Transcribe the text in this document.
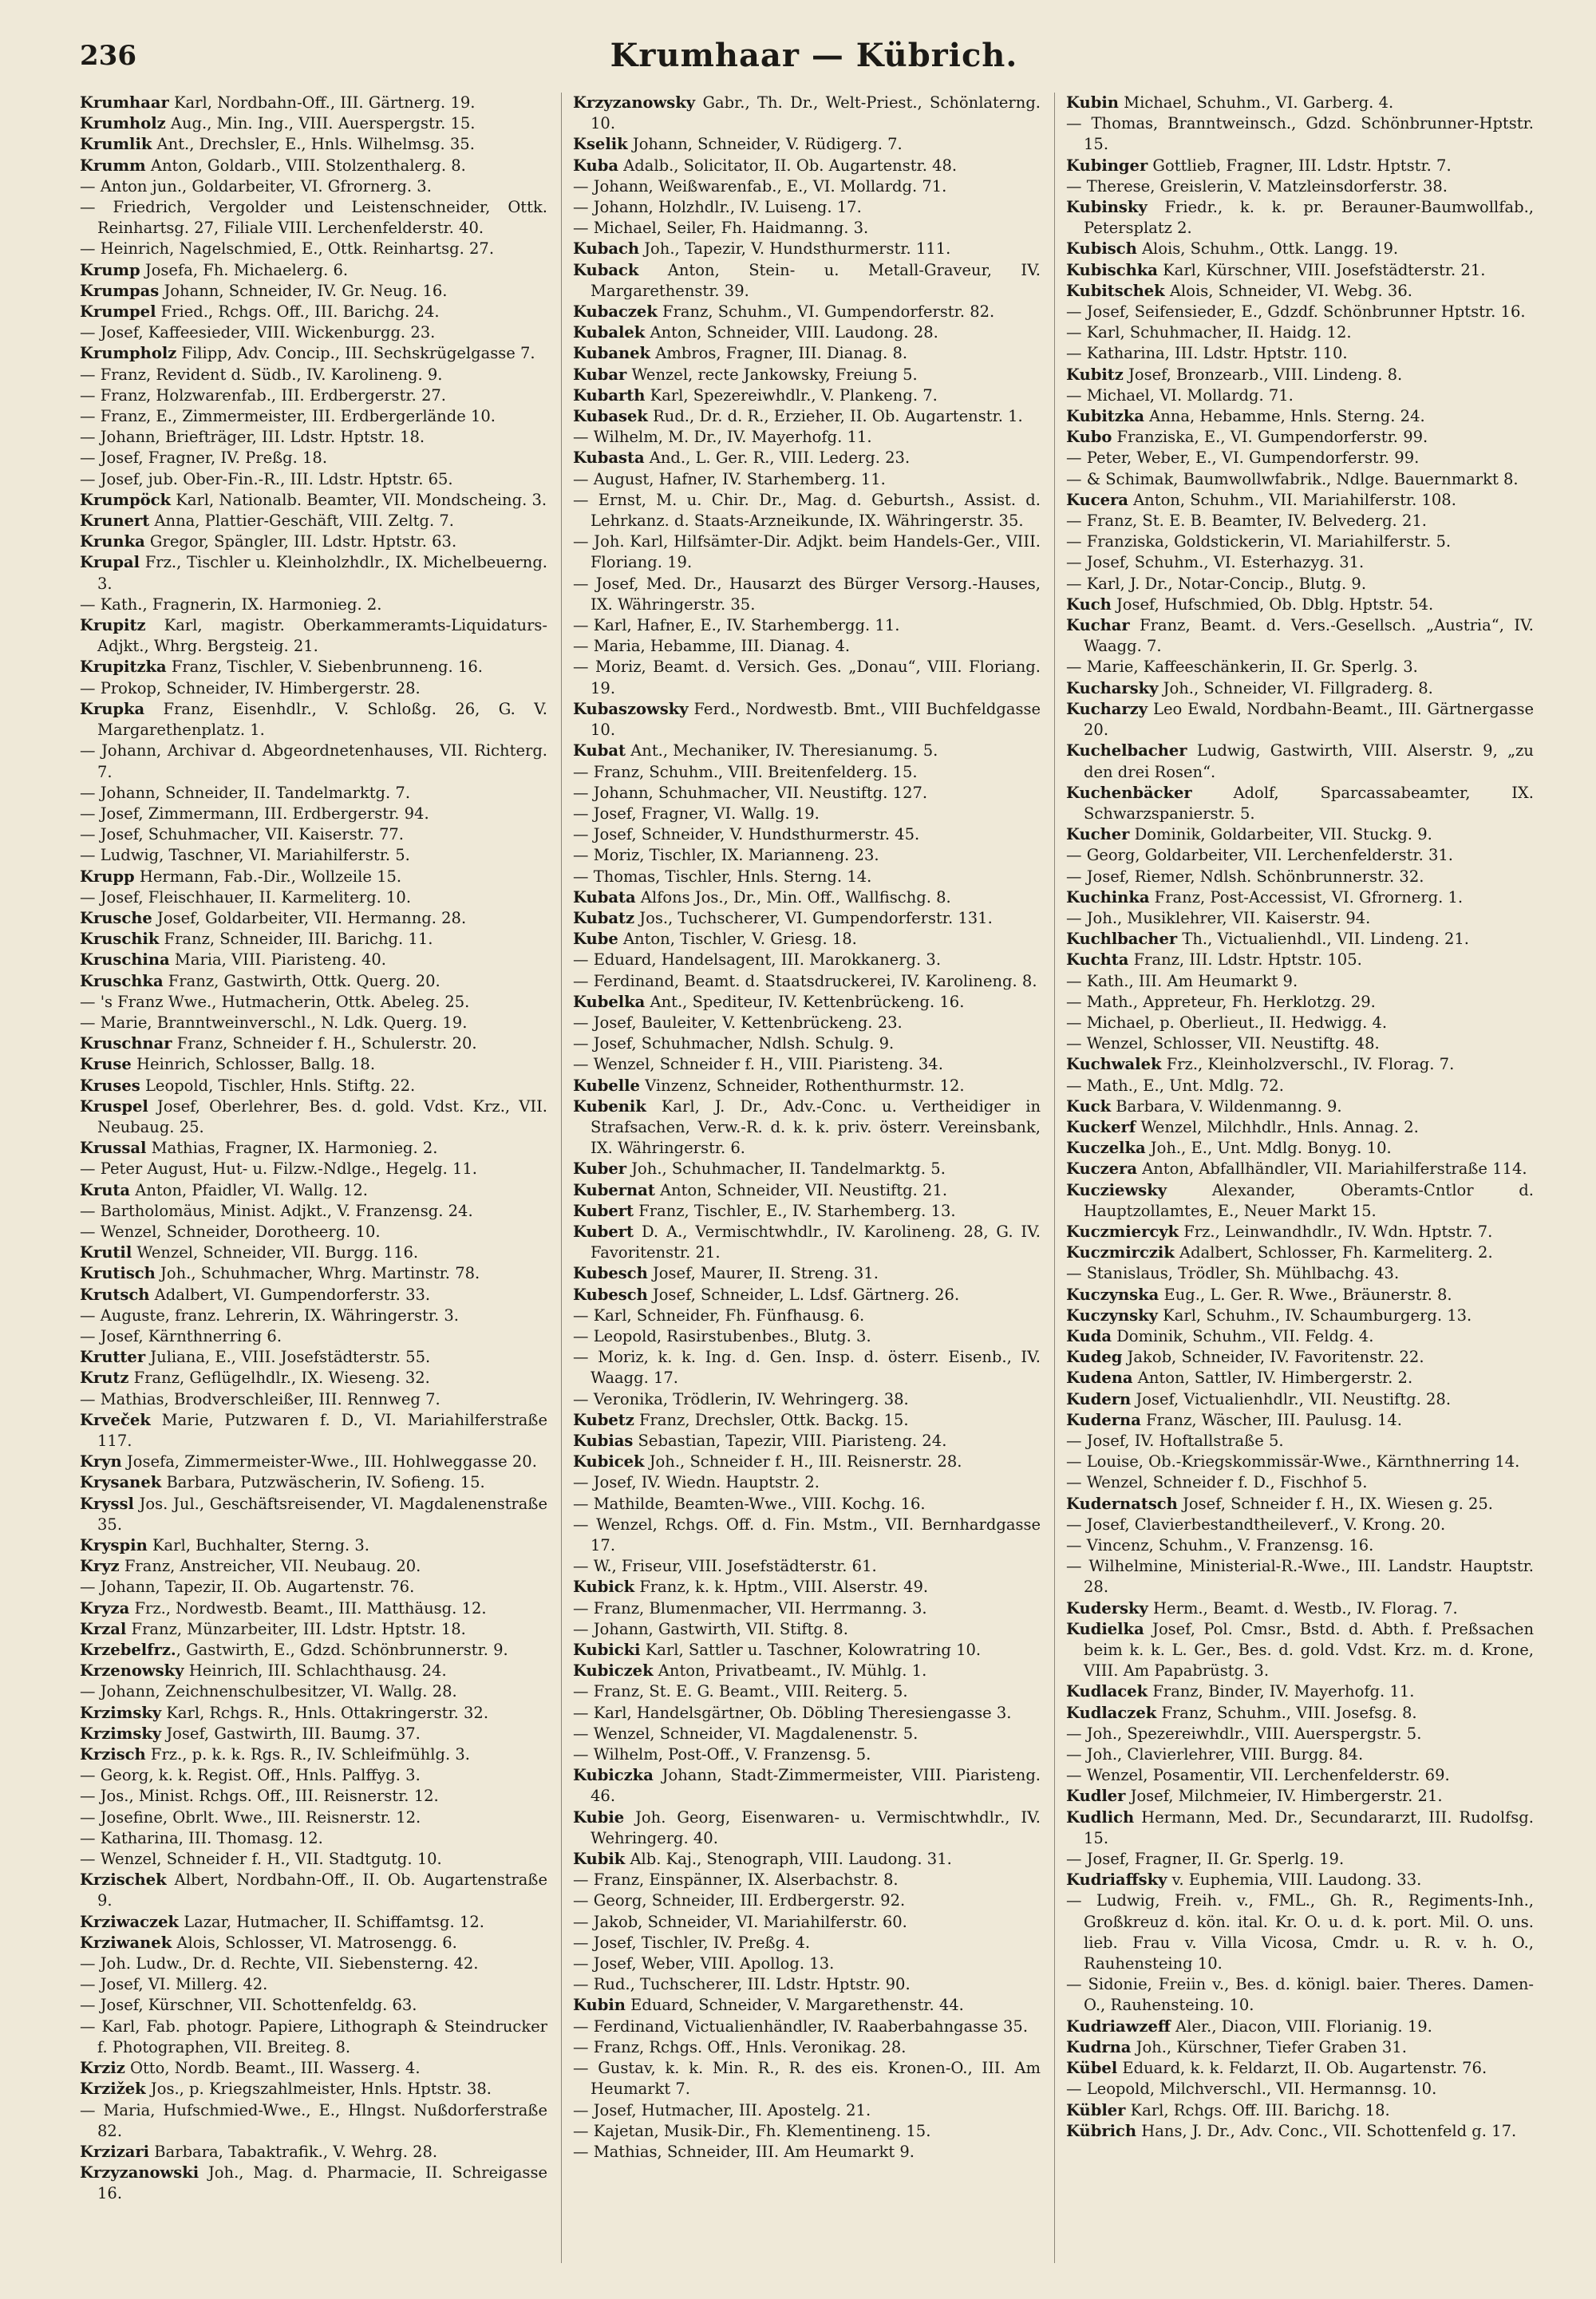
236	Krumhaar — Kübrich.
Krumhaar Karl, Nordbahn-Off., III. Gärtnerg. 19.
Krumholz Aug., Min. Ing., VIII. Auerspergstr. 15.
Krumlik Ant., Drechsler, E., Hnls. Wilhelmsg. 35.
Krumm Anton, Goldarb., VIII. Stolzenthalerg. 8.
— Anton jun., Goldarbeiter, VI. Gfrornerg. 3.
— Friedrich, Vergolder und Leistenschneider, Ottk. Reinhartsg. 27, Filiale VIII. Lerchenfelderstr. 40.
— Heinrich, Nagelschmied, E., Ottk. Reinhartsg. 27.
Krump Josefa, Fh. Michaelerg. 6.
Krumpas Johann, Schneider, IV. Gr. Neug. 16.
Krumpel Fried., Rchgs. Off., III. Barichg. 24.
— Josef, Kaffeesieder, VIII. Wickenburgg. 23.
Krumpholz Filipp, Adv. Concip., III. Sechskrügelgasse 7.
— Franz, Revident d. Südb., IV. Karolineng. 9.
— Franz, Holzwarenfab., III. Erdbergerstr. 27.
— Franz, E., Zimmermeister, III. Erdbergerlände 10.
— Johann, Briefträger, III. Ldstr. Hptstr. 18.
— Josef, Fragner, IV. Preßg. 18.
— Josef, jub. Ober-Fin.-R., III. Ldstr. Hptstr. 65.
Krumpöck Karl, Nationalb. Beamter, VII. Mondscheing. 3.
Krunert Anna, Plattier-Geschäft, VIII. Zeltg. 7.
Krunka Gregor, Spängler, III. Ldstr. Hptstr. 63.
Krupal Frz., Tischler u. Kleinholzhdlr., IX. Michelbeuerng. 3.
— Kath., Fragnerin, IX. Harmonieg. 2.
Krupitz Karl, magistr. Oberkammeramts-Liquidaturs-Adjkt., Whrg. Bergsteig. 21.
Krupitzka Franz, Tischler, V. Siebenbrunneng. 16.
— Prokop, Schneider, IV. Himbergerstr. 28.
Krupka Franz, Eisenhdlr., V. Schloßg. 26, G. V. Margarethenplatz. 1.
— Johann, Archivar d. Abgeordnetenhauses, VII. Richterg. 7.
— Johann, Schneider, II. Tandelmarktg. 7.
— Josef, Zimmermann, III. Erdbergerstr. 94.
— Josef, Schuhmacher, VII. Kaiserstr. 77.
— Ludwig, Taschner, VI. Mariahilferstr. 5.
Krupp Hermann, Fab.-Dir., Wollzeile 15.
— Josef, Fleischhauer, II. Karmeliterg. 10.
Krusche Josef, Goldarbeiter, VII. Hermanng. 28.
Kruschik Franz, Schneider, III. Barichg. 11.
Kruschina Maria, VIII. Piaristeng. 40.
Kruschka Franz, Gastwirth, Ottk. Querg. 20.
— 's Franz Wwe., Hutmacherin, Ottk. Abeleg. 25.
— Marie, Branntweinverschl., N. Ldk. Querg. 19.
Kruschnar Franz, Schneider f. H., Schulerstr. 20.
Kruse Heinrich, Schlosser, Ballg. 18.
Kruses Leopold, Tischler, Hnls. Stiftg. 22.
Kruspel Josef, Oberlehrer, Bes. d. gold. Vdst. Krz., VII. Neubaug. 25.
Krussal Mathias, Fragner, IX. Harmonieg. 2.
— Peter August, Hut- u. Filzw.-Ndlge., Hegelg. 11.
Kruta Anton, Pfaidler, VI. Wallg. 12.
— Bartholomäus, Minist. Adjkt., V. Franzensg. 24.
— Wenzel, Schneider, Dorotheerg. 10.
Krutil Wenzel, Schneider, VII. Burgg. 116.
Krutisch Joh., Schuhmacher, Whrg. Martinstr. 78.
Krutsch Adalbert, VI. Gumpendorferstr. 33.
— Auguste, franz. Lehrerin, IX. Währingerstr. 3.
— Josef, Kärnthnerring 6.
Krutter Juliana, E., VIII. Josefstädterstr. 55.
Krutz Franz, Geflügelhdlr., IX. Wieseng. 32.
— Mathias, Brodverschleißer, III. Rennweg 7.
Krveček Marie, Putzwaren f. D., VI. Mariahilferstraße 117.
Kryn Josefa, Zimmermeister-Wwe., III. Hohlweggasse 20.
Krysanek Barbara, Putzwäscherin, IV. Sofieng. 15.
Kryssl Jos. Jul., Geschäftsreisender, VI. Magdalenenstraße 35.
Kryspin Karl, Buchhalter, Sterng. 3.
Kryz Franz, Anstreicher, VII. Neubaug. 20.
— Johann, Tapezir, II. Ob. Augartenstr. 76.
Kryza Frz., Nordwestb. Beamt., III. Matthäusg. 12.
Krzal Franz, Münzarbeiter, III. Ldstr. Hptstr. 18.
Krzebelfrz., Gastwirth, E., Gdzd. Schönbrunnerstr. 9.
Krzenowsky Heinrich, III. Schlachthausg. 24.
— Johann, Zeichnenschulbesitzer, VI. Wallg. 28.
Krzimsky Karl, Rchgs. R., Hnls. Ottakringerstr. 32.
Krzimsky Josef, Gastwirth, III. Baumg. 37.
Krzisch Frz., p. k. k. Rgs. R., IV. Schleifmühlg. 3.
— Georg, k. k. Regist. Off., Hnls. Palffyg. 3.
— Jos., Minist. Rchgs. Off., III. Reisnerstr. 12.
— Josefine, Obrlt. Wwe., III. Reisnerstr. 12.
— Katharina, III. Thomasg. 12.
— Wenzel, Schneider f. H., VII. Stadtgutg. 10.
Krzischek Albert, Nordbahn-Off., II. Ob. Augartenstraße 9.
Krziwaczek Lazar, Hutmacher, II. Schiffamtsg. 12.
Krziwanek Alois, Schlosser, VI. Matrosengg. 6.
— Joh. Ludw., Dr. d. Rechte, VII. Siebensterng. 42.
— Josef, VI. Millerg. 42.
— Josef, Kürschner, VII. Schottenfeldg. 63.
— Karl, Fab. photogr. Papiere, Lithograph & Steindrucker f. Photographen, VII. Breiteg. 8.
Krziz Otto, Nordb. Beamt., III. Wasserg. 4.
Krzižek Jos., p. Kriegszahlmeister, Hnls. Hptstr. 38.
— Maria, Hufschmied-Wwe., E., Hlngst. Nußdorferstraße 82.
Krzizari Barbara, Tabaktrafik., V. Wehrg. 28.
Krzyzanowski Joh., Mag. d. Pharmacie, II. Schreigasse 16.
Krzyzanowsky Gabr., Th. Dr., Welt-Priest., Schönlaterng. 10.
Kselik Johann, Schneider, V. Rüdigerg. 7.
Kuba Adalb., Solicitator, II. Ob. Augartenstr. 48.
— Johann, Weißwarenfab., E., VI. Mollardg. 71.
— Johann, Holzhdlr., IV. Luiseng. 17.
— Michael, Seiler, Fh. Haidmanng. 3.
Kubach Joh., Tapezir, V. Hundsthurmerstr. 111.
Kuback Anton, Stein- u. Metall-Graveur, IV. Margarethenstr. 39.
Kubaczek Franz, Schuhm., VI. Gumpendorferstr. 82.
Kubalek Anton, Schneider, VIII. Laudong. 28.
Kubanek Ambros, Fragner, III. Dianag. 8.
Kubar Wenzel, recte Jankowsky, Freiung 5.
Kubarth Karl, Spezereiwhdlr., V. Plankeng. 7.
Kubasek Rud., Dr. d. R., Erzieher, II. Ob. Augartenstr. 1.
— Wilhelm, M. Dr., IV. Mayerhofg. 11.
Kubasta And., L. Ger. R., VIII. Lederg. 23.
— August, Hafner, IV. Starhemberg. 11.
— Ernst, M. u. Chir. Dr., Mag. d. Geburtsh., Assist. d. Lehrkanz. d. Staats-Arzneikunde, IX. Währingerstr. 35.
— Joh. Karl, Hilfsämter-Dir. Adjkt. beim Handels-Ger., VIII. Floriang. 19.
— Josef, Med. Dr., Hausarzt des Bürger Versorg.-Hauses, IX. Währingerstr. 35.
— Karl, Hafner, E., IV. Starhembergg. 11.
— Maria, Hebamme, III. Dianag. 4.
— Moriz, Beamt. d. Versich. Ges. „Donau“, VIII. Floriang. 19.
Kubaszowsky Ferd., Nordwestb. Bmt., VIII Buchfeldgasse 10.
Kubat Ant., Mechaniker, IV. Theresianumg. 5.
— Franz, Schuhm., VIII. Breitenfelderg. 15.
— Johann, Schuhmacher, VII. Neustiftg. 127.
— Josef, Fragner, VI. Wallg. 19.
— Josef, Schneider, V. Hundsthurmerstr. 45.
— Moriz, Tischler, IX. Marianneng. 23.
— Thomas, Tischler, Hnls. Sterng. 14.
Kubata Alfons Jos., Dr., Min. Off., Wallfischg. 8.
Kubatz Jos., Tuchscherer, VI. Gumpendorferstr. 131.
Kube Anton, Tischler, V. Griesg. 18.
— Eduard, Handelsagent, III. Marokkanerg. 3.
— Ferdinand, Beamt. d. Staatsdruckerei, IV. Karolineng. 8.
Kubelka Ant., Spediteur, IV. Kettenbrückeng. 16.
— Josef, Bauleiter, V. Kettenbrückeng. 23.
— Josef, Schuhmacher, Ndlsh. Schulg. 9.
— Wenzel, Schneider f. H., VIII. Piaristeng. 34.
Kubelle Vinzenz, Schneider, Rothenthurmstr. 12.
Kubenik Karl, J. Dr., Adv.-Conc. u. Vertheidiger in Strafsachen, Verw.-R. d. k. k. priv. österr. Vereinsbank, IX. Währingerstr. 6.
Kuber Joh., Schuhmacher, II. Tandelmarktg. 5.
Kubernat Anton, Schneider, VII. Neustiftg. 21.
Kubert Franz, Tischler, E., IV. Starhemberg. 13.
Kubert D. A., Vermischtwhdlr., IV. Karolineng. 28, G. IV. Favoritenstr. 21.
Kubesch Josef, Maurer, II. Streng. 31.
Kubesch Josef, Schneider, L. Ldsf. Gärtnerg. 26.
— Karl, Schneider, Fh. Fünfhausg. 6.
— Leopold, Rasirstubenbes., Blutg. 3.
— Moriz, k. k. Ing. d. Gen. Insp. d. österr. Eisenb., IV. Waagg. 17.
— Veronika, Trödlerin, IV. Wehringerg. 38.
Kubetz Franz, Drechsler, Ottk. Backg. 15.
Kubias Sebastian, Tapezir, VIII. Piaristeng. 24.
Kubicek Joh., Schneider f. H., III. Reisnerstr. 28.
— Josef, IV. Wiedn. Hauptstr. 2.
— Mathilde, Beamten-Wwe., VIII. Kochg. 16.
— Wenzel, Rchgs. Off. d. Fin. Mstm., VII. Bernhardgasse 17.
— W., Friseur, VIII. Josefstädterstr. 61.
Kubick Franz, k. k. Hptm., VIII. Alserstr. 49.
— Franz, Blumenmacher, VII. Herrmanng. 3.
— Johann, Gastwirth, VII. Stiftg. 8.
Kubicki Karl, Sattler u. Taschner, Kolowratring 10.
Kubiczek Anton, Privatbeamt., IV. Mühlg. 1.
— Franz, St. E. G. Beamt., VIII. Reiterg. 5.
— Karl, Handelsgärtner, Ob. Döbling Theresiengasse 3.
— Wenzel, Schneider, VI. Magdalenenstr. 5.
— Wilhelm, Post-Off., V. Franzensg. 5.
Kubiczka Johann, Stadt-Zimmermeister, VIII. Piaristeng. 46.
Kubie Joh. Georg, Eisenwaren- u. Vermischtwhdlr., IV. Wehringerg. 40.
Kubik Alb. Kaj., Stenograph, VIII. Laudong. 31.
— Franz, Einspänner, IX. Alserbachstr. 8.
— Georg, Schneider, III. Erdbergerstr. 92.
— Jakob, Schneider, VI. Mariahilferstr. 60.
— Josef, Tischler, IV. Preßg. 4.
— Josef, Weber, VIII. Apollog. 13.
— Rud., Tuchscherer, III. Ldstr. Hptstr. 90.
Kubin Eduard, Schneider, V. Margarethenstr. 44.
— Ferdinand, Victualienhändler, IV. Raaberbahngasse 35.
— Franz, Rchgs. Off., Hnls. Veronikag. 28.
— Gustav, k. k. Min. R., R. des eis. Kronen-O., III. Am Heumarkt 7.
— Josef, Hutmacher, III. Apostelg. 21.
— Kajetan, Musik-Dir., Fh. Klementineng. 15.
— Mathias, Schneider, III. Am Heumarkt 9.
Kubin Michael, Schuhm., VI. Garberg. 4.
— Thomas, Branntweinsch., Gdzd. Schönbrunner-Hptstr. 15.
Kubinger Gottlieb, Fragner, III. Ldstr. Hptstr. 7.
— Therese, Greislerin, V. Matzleinsdorferstr. 38.
Kubinsky Friedr., k. k. pr. Berauner-Baumwollfab., Petersplatz 2.
Kubisch Alois, Schuhm., Ottk. Langg. 19.
Kubischka Karl, Kürschner, VIII. Josefstädterstr. 21.
Kubitschek Alois, Schneider, VI. Webg. 36.
— Josef, Seifensieder, E., Gdzdf. Schönbrunner Hptstr. 16.
— Karl, Schuhmacher, II. Haidg. 12.
— Katharina, III. Ldstr. Hptstr. 110.
Kubitz Josef, Bronzearb., VIII. Lindeng. 8.
— Michael, VI. Mollardg. 71.
Kubitzka Anna, Hebamme, Hnls. Sterng. 24.
Kubo Franziska, E., VI. Gumpendorferstr. 99.
— Peter, Weber, E., VI. Gumpendorferstr. 99.
— & Schimak, Baumwollwfabrik., Ndlge. Bauernmarkt 8.
Kucera Anton, Schuhm., VII. Mariahilferstr. 108.
— Franz, St. E. B. Beamter, IV. Belvederg. 21.
— Franziska, Goldstickerin, VI. Mariahilferstr. 5.
— Josef, Schuhm., VI. Esterhazyg. 31.
— Karl, J. Dr., Notar-Concip., Blutg. 9.
Kuch Josef, Hufschmied, Ob. Dblg. Hptstr. 54.
Kuchar Franz, Beamt. d. Vers.-Gesellsch. „Austria“, IV. Waagg. 7.
— Marie, Kaffeeschänkerin, II. Gr. Sperlg. 3.
Kucharsky Joh., Schneider, VI. Fillgraderg. 8.
Kucharzy Leo Ewald, Nordbahn-Beamt., III. Gärtnergasse 20.
Kuchelbacher Ludwig, Gastwirth, VIII. Alserstr. 9, „zu den drei Rosen“.
Kuchenbäcker Adolf, Sparcassabeamter, IX. Schwarzspanierstr. 5.
Kucher Dominik, Goldarbeiter, VII. Stuckg. 9.
— Georg, Goldarbeiter, VII. Lerchenfelderstr. 31.
— Josef, Riemer, Ndlsh. Schönbrunnerstr. 32.
Kuchinka Franz, Post-Accessist, VI. Gfrornerg. 1.
— Joh., Musiklehrer, VII. Kaiserstr. 94.
Kuchlbacher Th., Victualienhdl., VII. Lindeng. 21.
Kuchta Franz, III. Ldstr. Hptstr. 105.
— Kath., III. Am Heumarkt 9.
— Math., Appreteur, Fh. Herklotzg. 29.
— Michael, p. Oberlieut., II. Hedwigg. 4.
— Wenzel, Schlosser, VII. Neustiftg. 48.
Kuchwalek Frz., Kleinholzverschl., IV. Florag. 7.
— Math., E., Unt. Mdlg. 72.
Kuck Barbara, V. Wildenmanng. 9.
Kuckerf Wenzel, Milchhdlr., Hnls. Annag. 2.
Kuczelka Joh., E., Unt. Mdlg. Bonyg. 10.
Kuczera Anton, Abfallhändler, VII. Mariahilferstraße 114.
Kucziewsky Alexander, Oberamts-Cntlor d. Hauptzollamtes, E., Neuer Markt 15.
Kuczmiercyk Frz., Leinwandhdlr., IV. Wdn. Hptstr. 7.
Kuczmirczik Adalbert, Schlosser, Fh. Karmeliterg. 2.
— Stanislaus, Trödler, Sh. Mühlbachg. 43.
Kuczynska Eug., L. Ger. R. Wwe., Bräunerstr. 8.
Kuczynsky Karl, Schuhm., IV. Schaumburgerg. 13.
Kuda Dominik, Schuhm., VII. Feldg. 4.
Kudeg Jakob, Schneider, IV. Favoritenstr. 22.
Kudena Anton, Sattler, IV. Himbergerstr. 2.
Kudern Josef, Victualienhdlr., VII. Neustiftg. 28.
Kuderna Franz, Wäscher, III. Paulusg. 14.
— Josef, IV. Hoftallstraße 5.
— Louise, Ob.-Kriegskommissär-Wwe., Kärnthnerring 14.
— Wenzel, Schneider f. D., Fischhof 5.
Kudernatsch Josef, Schneider f. H., IX. Wiesen g. 25.
— Josef, Clavierbestandtheileverf., V. Krong. 20.
— Vincenz, Schuhm., V. Franzensg. 16.
— Wilhelmine, Ministerial-R.-Wwe., III. Landstr. Hauptstr. 28.
Kudersky Herm., Beamt. d. Westb., IV. Florag. 7.
Kudielka Josef, Pol. Cmsr., Bstd. d. Abth. f. Preßsachen beim k. k. L. Ger., Bes. d. gold. Vdst. Krz. m. d. Krone, VIII. Am Papabrüstg. 3.
Kudlacek Franz, Binder, IV. Mayerhofg. 11.
Kudlaczek Franz, Schuhm., VIII. Josefsg. 8.
— Joh., Spezereiwhdlr., VIII. Auerspergstr. 5.
— Joh., Clavierlehrer, VIII. Burgg. 84.
— Wenzel, Posamentir, VII. Lerchenfelderstr. 69.
Kudler Josef, Milchmeier, IV. Himbergerstr. 21.
Kudlich Hermann, Med. Dr., Secundararzt, III. Rudolfsg. 15.
— Josef, Fragner, II. Gr. Sperlg. 19.
Kudriaffsky v. Euphemia, VIII. Laudong. 33.
— Ludwig, Freih. v., FML., Gh. R., Regiments-Inh., Großkreuz d. kön. ital. Kr. O. u. d. k. port. Mil. O. uns. lieb. Frau v. Villa Vicosa, Cmdr. u. R. v. h. O., Rauhensteing 10.
— Sidonie, Freiin v., Bes. d. königl. baier. Theres. Damen-O., Rauhensteing. 10.
Kudriawzeff Aler., Diacon, VIII. Florianig. 19.
Kudrna Joh., Kürschner, Tiefer Graben 31.
Kübel Eduard, k. k. Feldarzt, II. Ob. Augartenstr. 76.
— Leopold, Milchverschl., VII. Hermannsg. 10.
Kübler Karl, Rchgs. Off. III. Barichg. 18.
Kübrich Hans, J. Dr., Adv. Conc., VII. Schottenfeld g. 17.
